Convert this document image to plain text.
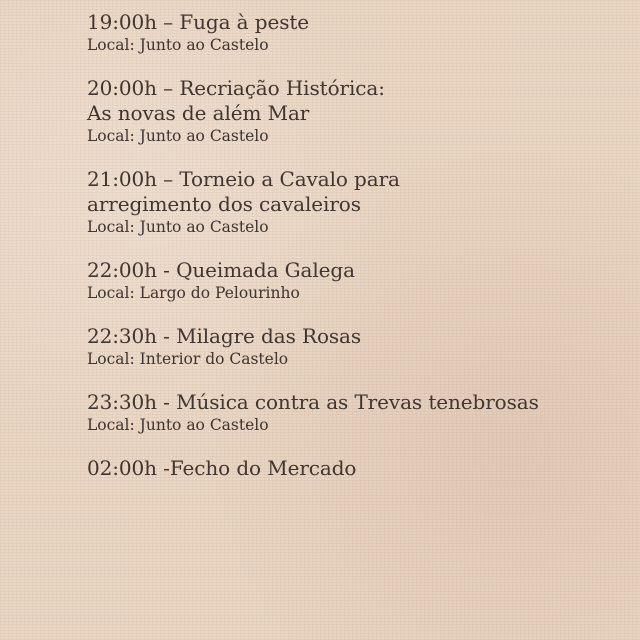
19:00h – Fuga à peste
Local: Junto ao Castelo
20:00h – Recriação Histórica:
As novas de além Mar
Local: Junto ao Castelo
21:00h – Torneio a Cavalo para
arregimento dos cavaleiros
Local: Junto ao Castelo
22:00h - Queimada Galega
Local: Largo do Pelourinho
22:30h - Milagre das Rosas
Local: Interior do Castelo
23:30h - Música contra as Trevas tenebrosas
Local: Junto ao Castelo
02:00h -Fecho do Mercado
